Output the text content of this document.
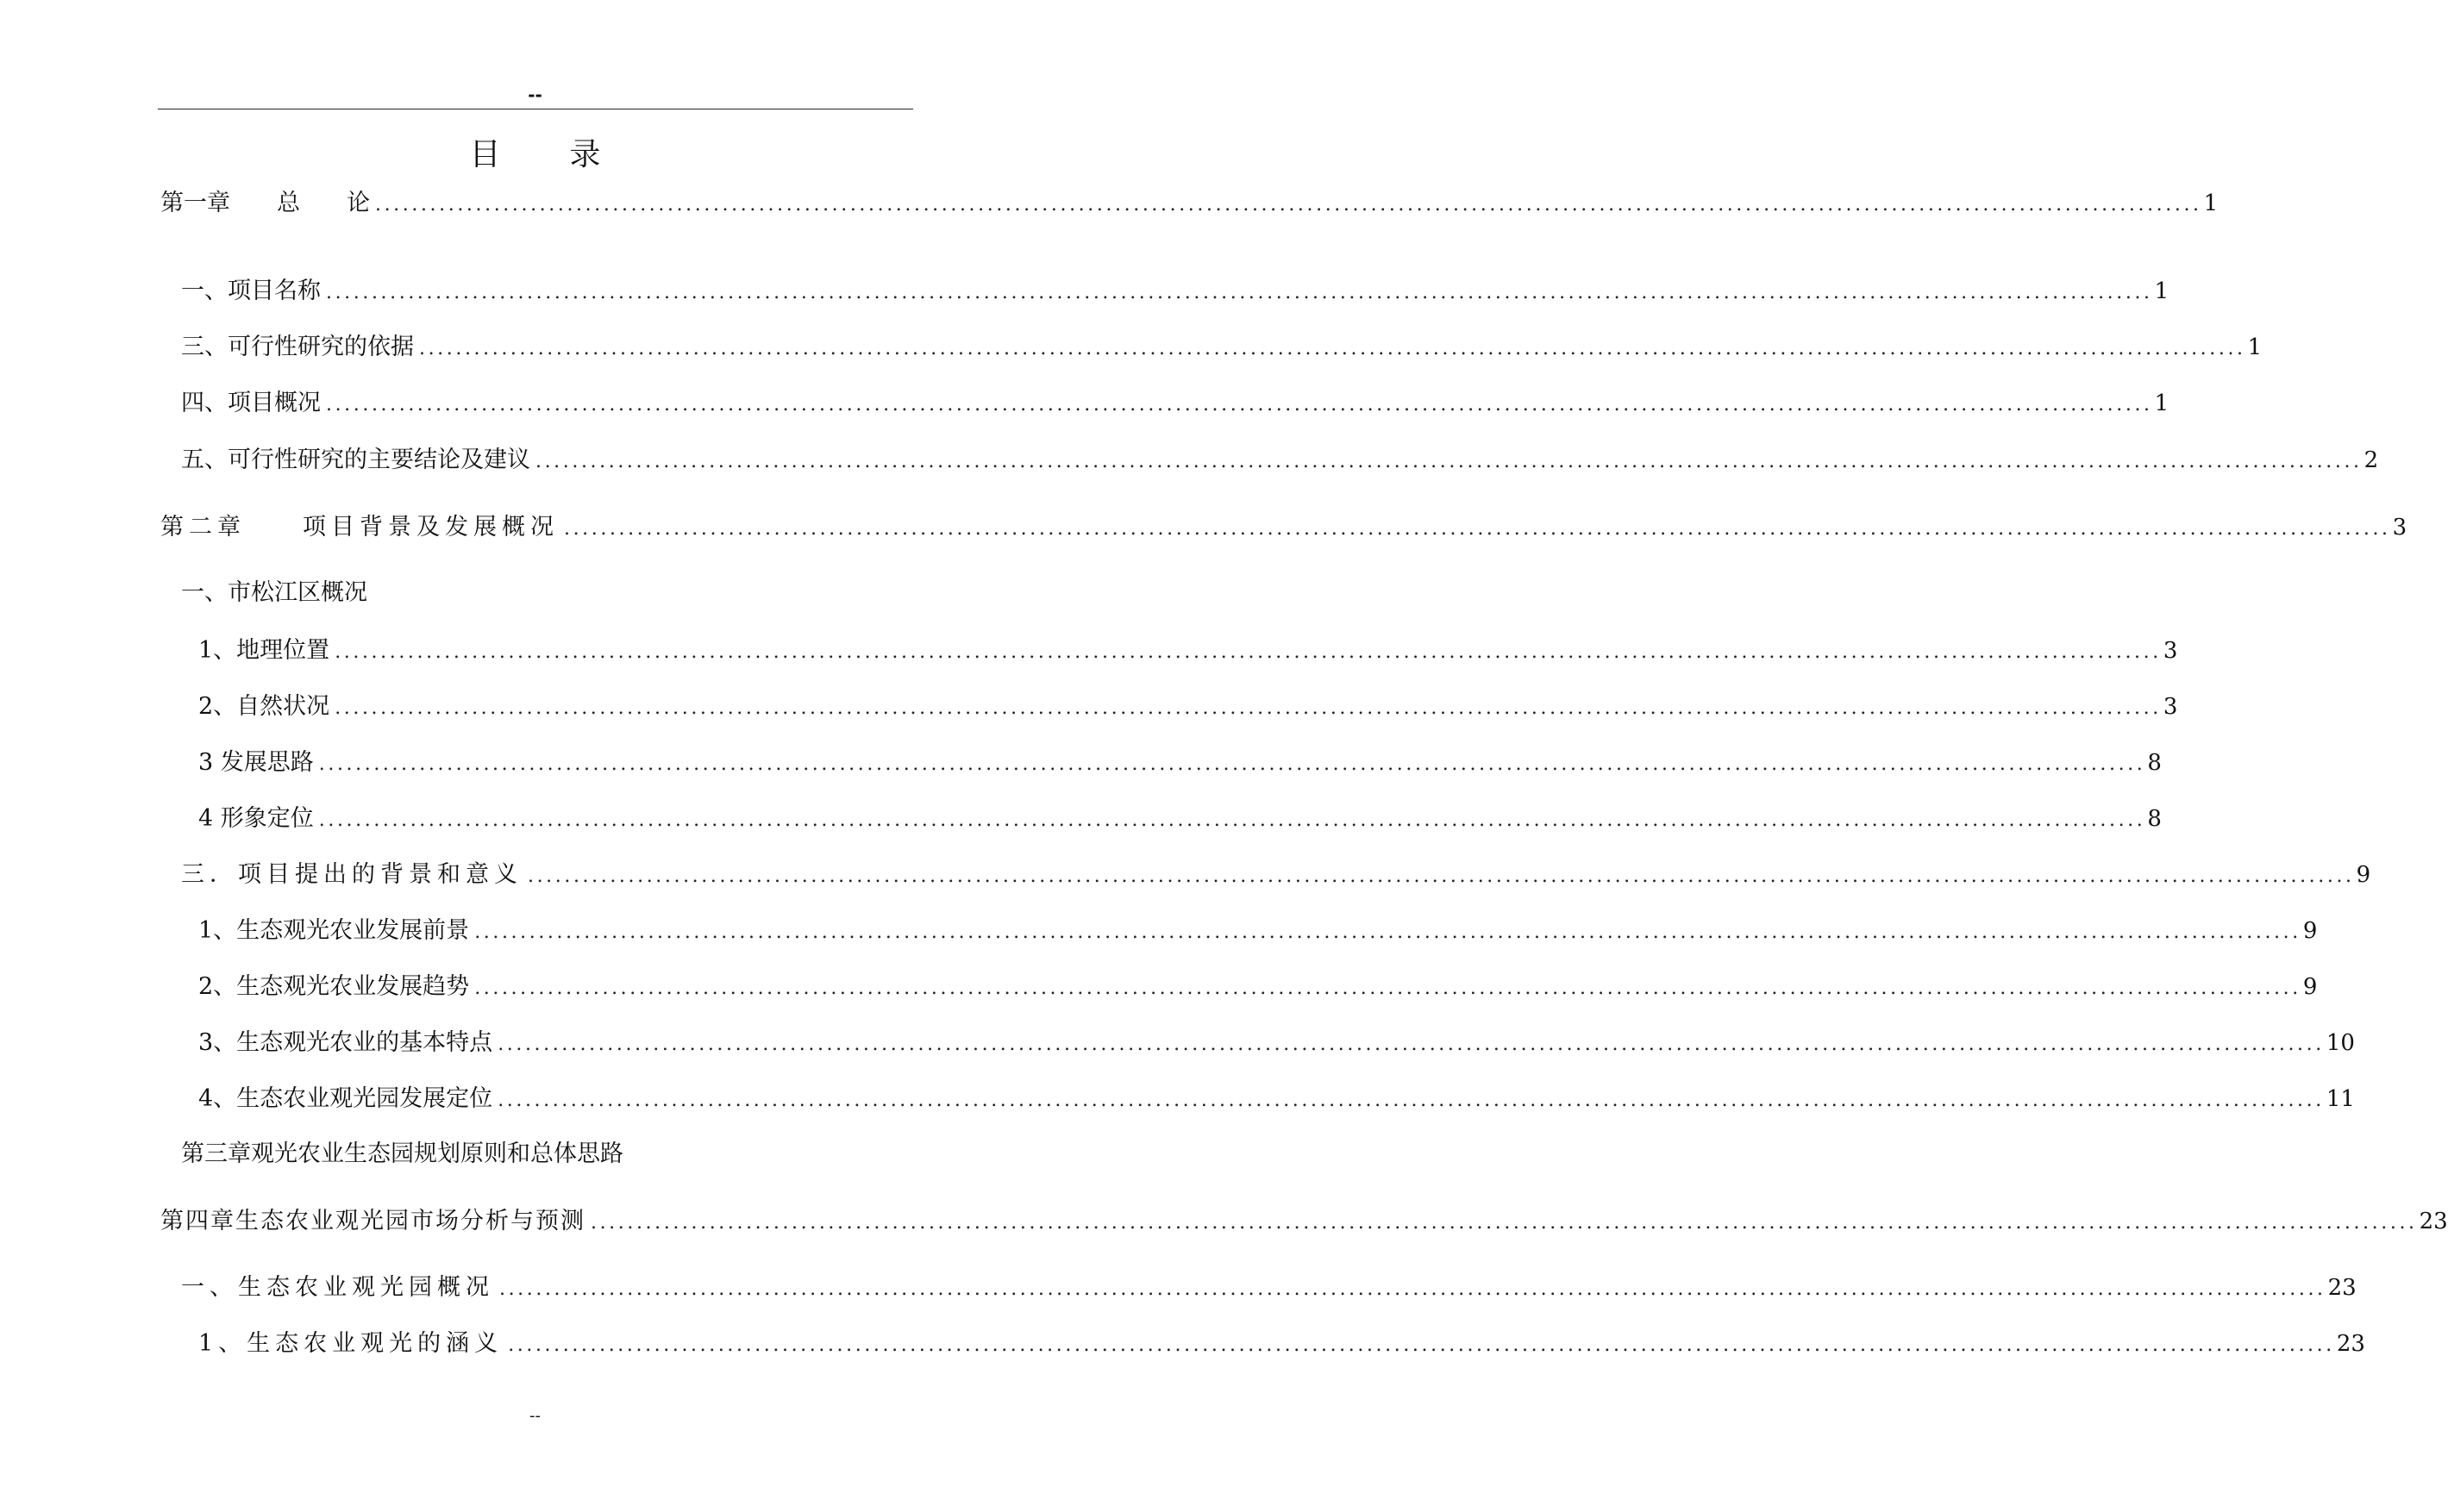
--
目 录
第一章　　总　　论 ........................................................................................................................................................................................................ 1
一、项目名称 ........................................................................................................................................................................................................ 1
三、可行性研究的依据 ........................................................................................................................................................................................................ 1
四、项目概况 ........................................................................................................................................................................................................ 1
五、可行性研究的主要结论及建议 ........................................................................................................................................................................................................ 2
第二章　　项目背景及发展概况 ........................................................................................................................................................................................................ 3
一、市松江区概况
1、地理位置 ........................................................................................................................................................................................................ 3
2、自然状况 ........................................................................................................................................................................................................ 3
3 发展思路 ........................................................................................................................................................................................................ 8
4 形象定位 ........................................................................................................................................................................................................ 8
三．项目提出的背景和意义 ........................................................................................................................................................................................................ 9
1、生态观光农业发展前景 ........................................................................................................................................................................................................ 9
2、生态观光农业发展趋势 ........................................................................................................................................................................................................ 9
3、生态观光农业的基本特点 ........................................................................................................................................................................................................ 10
4、生态农业观光园发展定位 ........................................................................................................................................................................................................ 11
第三章观光农业生态园规划原则和总体思路
第四章生态农业观光园市场分析与预测 ........................................................................................................................................................................................................ 23
一、生态农业观光园概况 ........................................................................................................................................................................................................ 23
1、生态农业观光的涵义 ........................................................................................................................................................................................................ 23
--
